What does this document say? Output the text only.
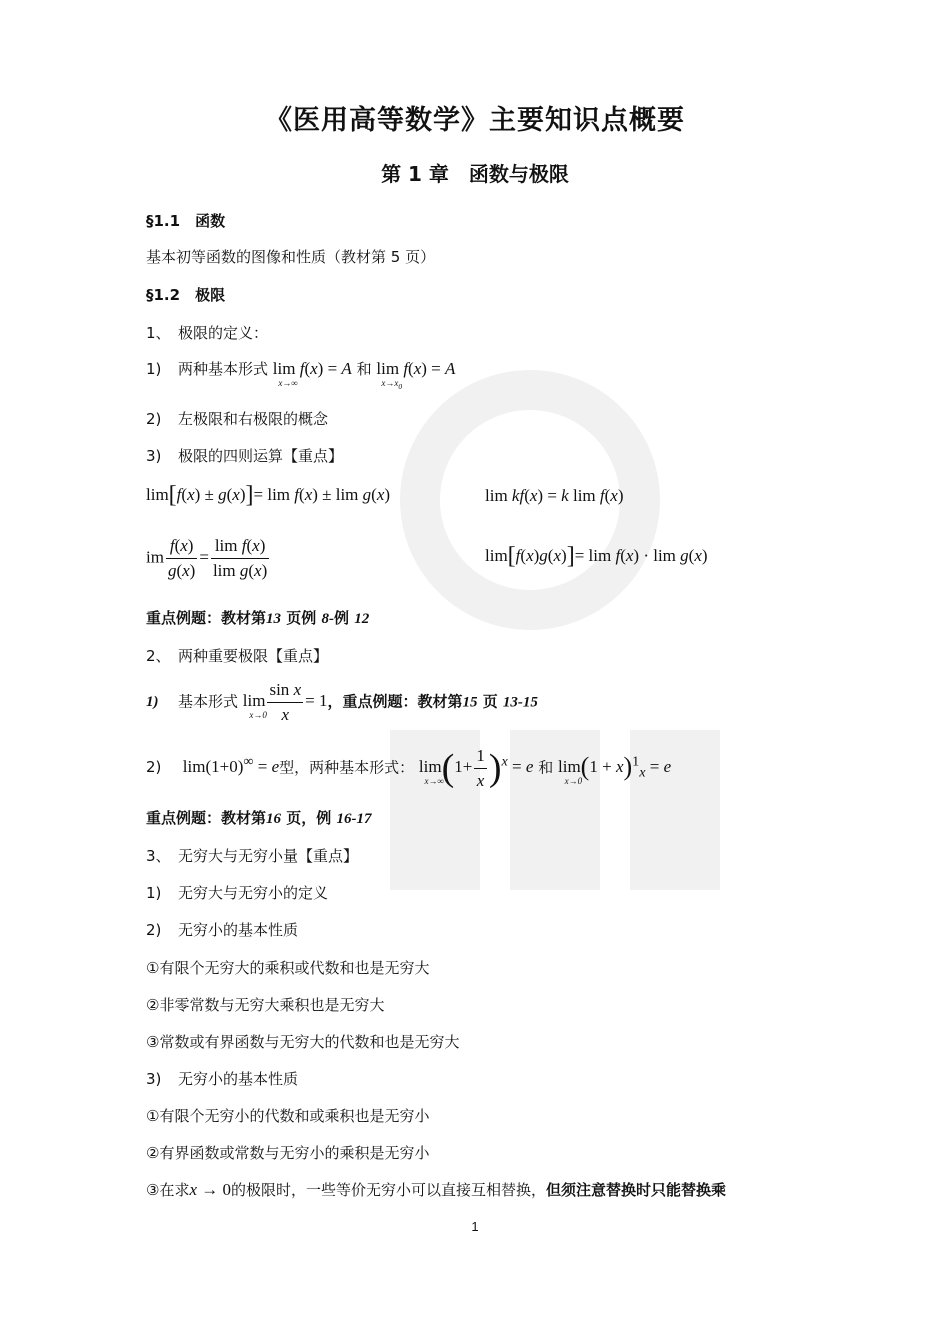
《医用高等数学》主要知识点概要
第 1 章　函数与极限
§1.1　函数
基本初等函数的图像和性质（教材第 5 页）
§1.2　极限
1、 极限的定义：
1) 两种基本形式 lim
x→∞
f(x) = A 和 lim
$x\to x_0$
f(x) = A
2) 左极限和右极限的概念
3) 极限的四则运算【重点】
lim[f(x) ± g(x)]= lim f(x) ± lim g(x)	lim kf(x) = k lim f(x)
im $\frac{f(x)}{g(x)} = \frac{\text{lim f(x)}}{\text{lim g(x)}}$	lim[f(x)g(x)]= lim f(x) · lim g(x)
重点例题：教材第13 页例 8-例 12
2、 两种重要极限【重点】
1) 基本形式 lim
$x\to 0 \frac{\text{sin x}}{x} = 1$，重点例题：教材第15 页 13-15
2) lim(1+0)∞ = e型，两种基本形式： lim
x→∞
$(1+ \frac{1}{x} )^x = e$ 和 lim
x→0
$(1 + x)^1_x = e$
重点例题：教材第16 页，例 16-17
3、 无穷大与无穷小量【重点】
1) 无穷大与无穷小的定义
2) 无穷小的基本性质
①有限个无穷大的乘积或代数和也是无穷大
②非零常数与无穷大乘积也是无穷大
③常数或有界函数与无穷大的代数和也是无穷大
3) 无穷小的基本性质
①有限个无穷小的代数和或乘积也是无穷小
②有界函数或常数与无穷小的乘积是无穷小
③在求x → 0的极限时，一些等价无穷小可以直接互相替换，但须注意替换时只能替换乘
1
